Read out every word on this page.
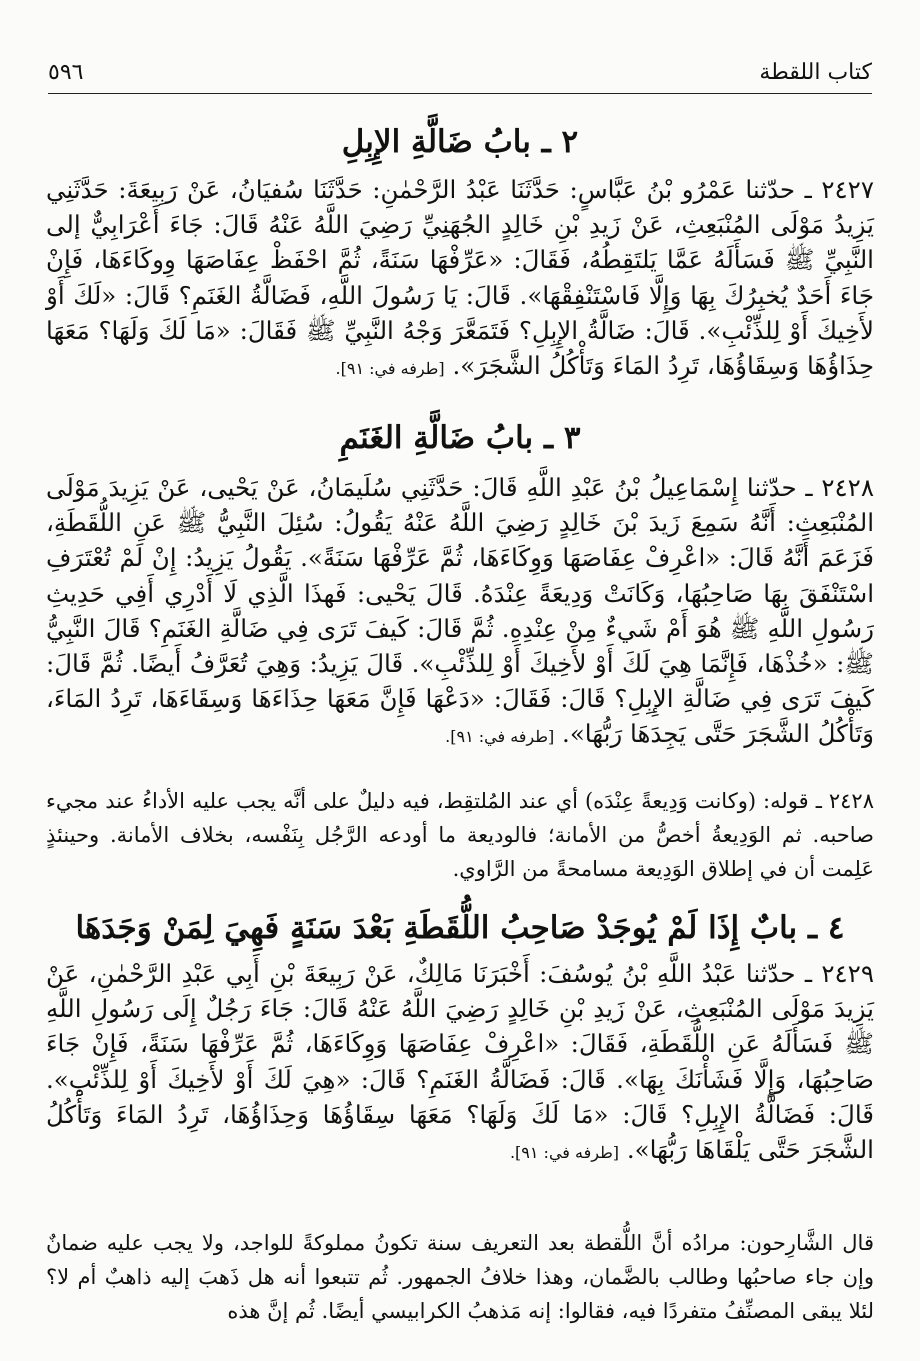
كتاب اللقطة
٥٩٦
٢ ـ بابُ ضَالَّةِ الإِبِلِ
٢٤٢٧ ـ حدّثنا عَمْرُو بْنُ عَبَّاسٍ: حَدَّثَنَا عَبْدُ الرَّحْمٰنِ: حَدَّثَنَا سُفيَانُ، عَنْ رَبِيعَةَ: حَدَّثَنِي يَزِيدُ مَوْلَى المُنْبَعِثِ، عَنْ زَيدِ بْنِ خَالِدٍ الجُهَنِيِّ رَضِيَ اللَّهُ عَنْهُ قَالَ: جَاءَ أَعْرَابِيٌّ إلى النَّبِيِّ ﷺ فَسَأَلَهُ عَمَّا يَلتَقِطُهُ، فَقَالَ: «عَرِّفْهَا سَنَةً، ثُمَّ احْفَظْ عِفَاصَهَا وِوكَاءَهَا، فَإِنْ جَاءَ أَحَدٌ يُخبِرُكَ بِهَا وَإِلَّا فَاسْتَنْفِقْهَا». قَالَ: يَا رَسُولَ اللَّهِ، فَضَالَّةُ الغَنَمِ؟ قَالَ: «لَكَ أَوْ لأَخِيكَ أَوْ لِلذِّئْبِ». قَالَ: ضَالَّةُ الإِبِلِ؟ فَتَمَعَّرَ وَجْهُ النَّبِيِّ ﷺ فَقَالَ: «مَا لَكَ وَلَهَا؟ مَعَهَا حِذَاؤُهَا وَسِقَاؤُهَا، تَرِدُ المَاءَ وَتَأْكُلُ الشَّجَرَ». [طرفه في: ٩١].
٣ ـ بابُ ضَالَّةِ الغَنَمِ
٢٤٢٨ ـ حدّثنا إِسْمَاعِيلُ بْنُ عَبْدِ اللَّهِ قَالَ: حَدَّثَنِي سُلَيمَانُ، عَنْ يَحْيى، عَنْ يَزِيدَ مَوْلَى المُنْبَعِثِ: أَنَّهُ سَمِعَ زَيدَ بْنَ خَالِدٍ رَضِيَ اللَّهُ عَنْهُ يَقُولُ: سُئِلَ النَّبِيُّ ﷺ عَنِ اللُّقَطَةِ، فَزَعَمَ أَنَّهُ قَالَ: «اعْرِفْ عِفَاصَهَا وَوِكَاءَهَا، ثُمَّ عَرِّفْهَا سَنَةً». يَقُولُ يَزِيدُ: إِنْ لَمْ تُعْتَرَفِ اسْتَنْفَقَ بِهَا صَاحِبُهَا، وَكَانَتْ وَدِيعَةً عِنْدَهُ. قَالَ يَحْيى: فَهذَا الَّذِي لَا أَدْرِي أَفِي حَدِيثِ رَسُولِ اللَّهِ ﷺ هُوَ أَمْ شَيءٌ مِنْ عِنْدِهِ. ثُمَّ قَالَ: كَيفَ تَرَى فِي ضَالَّةِ الغَنَمِ؟ قَالَ النَّبِيُّ ﷺ: «خُذْهَا، فَإِنَّمَا هِيَ لَكَ أَوْ لأَخِيكَ أَوْ لِلذِّئْبِ». قَالَ يَزِيدُ: وَهِيَ تُعَرَّفُ أَيضًا. ثُمَّ قَالَ: كَيفَ تَرَى فِي ضَالَّةِ الإِبِلِ؟ قَالَ: فَقَالَ: «دَعْهَا فَإِنَّ مَعَهَا حِذَاءَهَا وَسِقَاءَهَا، تَرِدُ المَاءَ، وَتَأْكُلُ الشَّجَرَ حَتَّى يَجِدَهَا رَبُّهَا». [طرفه في: ٩١].
٢٤٢٨ ـ قوله: (وكانت وَدِيعةً عِنْدَه) أي عند المُلتقِط، فيه دليلٌ على أنَّه يجب عليه الأداءُ عند مجيء صاحبه. ثم الوَدِيعةُ أخصُّ من الأمانة؛ فالوديعة ما أودعه الرَّجُل بِنَفْسه، بخلاف الأمانة. وحينئذٍ عَلِمت أن في إطلاق الوَدِيعة مسامحةً من الرَّاوي.
٤ ـ بابٌ إِذَا لَمْ يُوجَدْ صَاحِبُ اللُّقَطَةِ بَعْدَ سَنَةٍ فَهِيَ لِمَنْ وَجَدَهَا
٢٤٢٩ ـ حدّثنا عَبْدُ اللَّهِ بْنُ يُوسُفَ: أَخْبَرَنَا مَالِكٌ، عَنْ رَبِيعَةَ بْنِ أَبِي عَبْدِ الرَّحْمٰنِ، عَنْ يَزِيدَ مَوْلَى المُنْبَعِثِ، عَنْ زَيدِ بْنِ خَالِدٍ رَضِيَ اللَّهُ عَنْهُ قَالَ: جَاءَ رَجُلٌ إِلَى رَسُولِ اللَّهِ ﷺ فَسَأَلَهُ عَنِ اللُّقَطَةِ، فَقَالَ: «اعْرِفْ عِفَاصَهَا وَوِكَاءَهَا، ثُمَّ عَرِّفْهَا سَنَةً، فَإِنْ جَاءَ صَاحِبُهَا، وَإِلَّا فَشَأْنَكَ بِهَا». قَالَ: فَضَالَّةُ الغَنَمِ؟ قَالَ: «هِيَ لَكَ أَوْ لأَخِيكَ أَوْ لِلذِّئْبِ». قَالَ: فَضَالَّةُ الإِبِلِ؟ قَالَ: «مَا لَكَ وَلَهَا؟ مَعَهَا سِقَاؤُهَا وَحِذَاؤُهَا، تَرِدُ المَاءَ وَتَأْكُلُ الشَّجَرَ حَتَّى يَلْقَاهَا رَبُّهَا». [طرفه في: ٩١].
قال الشَّارِحون: مرادُه أنَّ اللُّقطة بعد التعريف سنة تكونُ مملوكةً للواجد، ولا يجب عليه ضمانٌ وإن جاء صاحبُها وطالب بالضَّمان، وهذا خلافُ الجمهور. ثُم تتبعوا أنه هل ذَهبَ إليه ذاهبٌ أم لا؟ لئلا يبقى المصنِّفُ متفردًا فيه، فقالوا: إنه مَذهبُ الكرابيسي أيضًا. ثُم إنَّ هذه
